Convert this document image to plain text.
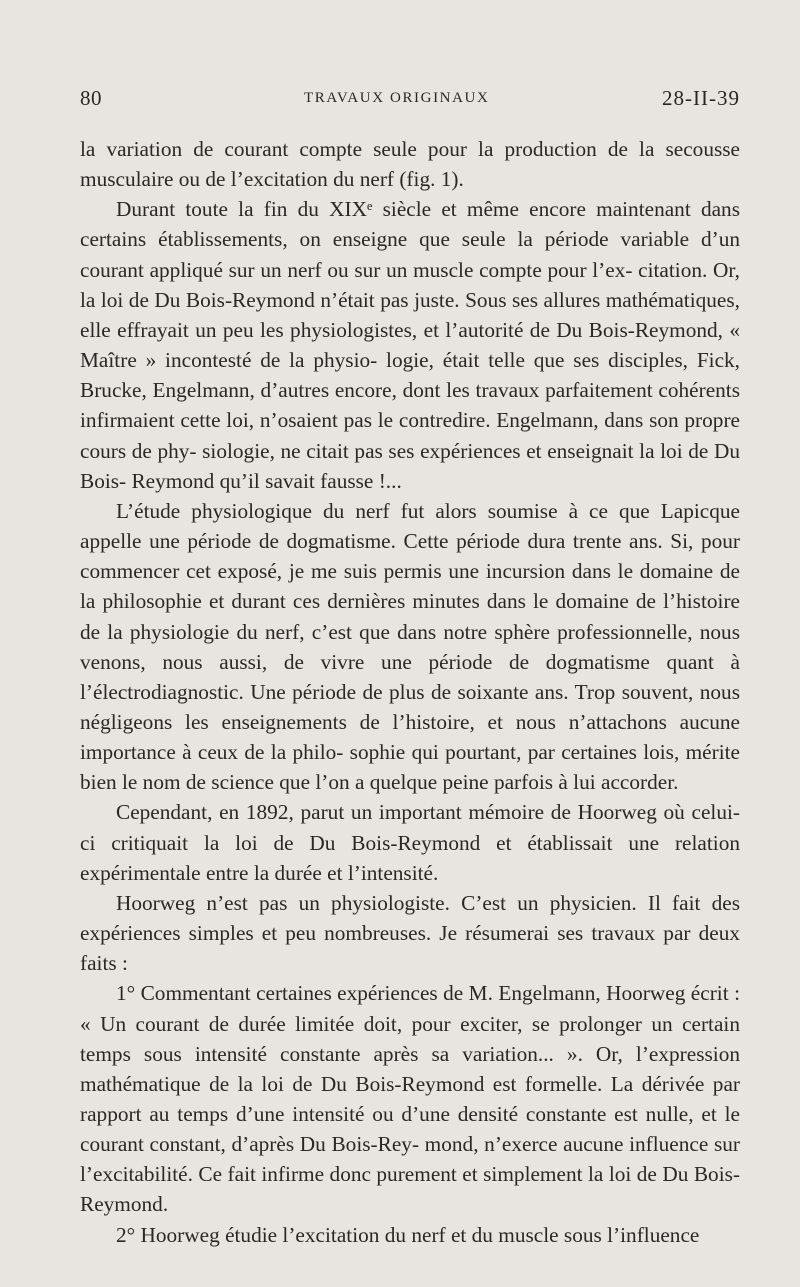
80	TRAVAUX ORIGINAUX	28-II-39

la variation de courant compte seule pour la production de la secousse musculaire ou de l’excitation du nerf (fig. 1).

Durant toute la fin du XIXᵉ siècle et même encore maintenant dans certains établissements, on enseigne que seule la période variable d’un courant appliqué sur un nerf ou sur un muscle compte pour l’ex- citation. Or, la loi de Du Bois-Reymond n’était pas juste. Sous ses allures mathématiques, elle effrayait un peu les physiologistes, et l’autorité de Du Bois-Reymond, « Maître » incontesté de la physio- logie, était telle que ses disciples, Fick, Brucke, Engelmann, d’autres encore, dont les travaux parfaitement cohérents infirmaient cette loi, n’osaient pas le contredire. Engelmann, dans son propre cours de phy- siologie, ne citait pas ses expériences et enseignait la loi de Du Bois- Reymond qu’il savait fausse !...

L’étude physiologique du nerf fut alors soumise à ce que Lapicque appelle une période de dogmatisme. Cette période dura trente ans. Si, pour commencer cet exposé, je me suis permis une incursion dans le domaine de la philosophie et durant ces dernières minutes dans le domaine de l’histoire de la physiologie du nerf, c’est que dans notre sphère professionnelle, nous venons, nous aussi, de vivre une période de dogmatisme quant à l’électrodiagnostic. Une période de plus de soixante ans. Trop souvent, nous négligeons les enseignements de l’histoire, et nous n’attachons aucune importance à ceux de la philo- sophie qui pourtant, par certaines lois, mérite bien le nom de science que l’on a quelque peine parfois à lui accorder.

Cependant, en 1892, parut un important mémoire de Hoorweg où celui-ci critiquait la loi de Du Bois-Reymond et établissait une relation expérimentale entre la durée et l’intensité.

Hoorweg n’est pas un physiologiste. C’est un physicien. Il fait des expériences simples et peu nombreuses. Je résumerai ses travaux par deux faits :

1° Commentant certaines expériences de M. Engelmann, Hoorweg écrit : « Un courant de durée limitée doit, pour exciter, se prolonger un certain temps sous intensité constante après sa variation... ». Or, l’expression mathématique de la loi de Du Bois-Reymond est formelle. La dérivée par rapport au temps d’une intensité ou d’une densité constante est nulle, et le courant constant, d’après Du Bois-Rey- mond, n’exerce aucune influence sur l’excitabilité. Ce fait infirme donc purement et simplement la loi de Du Bois-Reymond.

2° Hoorweg étudie l’excitation du nerf et du muscle sous l’influence
